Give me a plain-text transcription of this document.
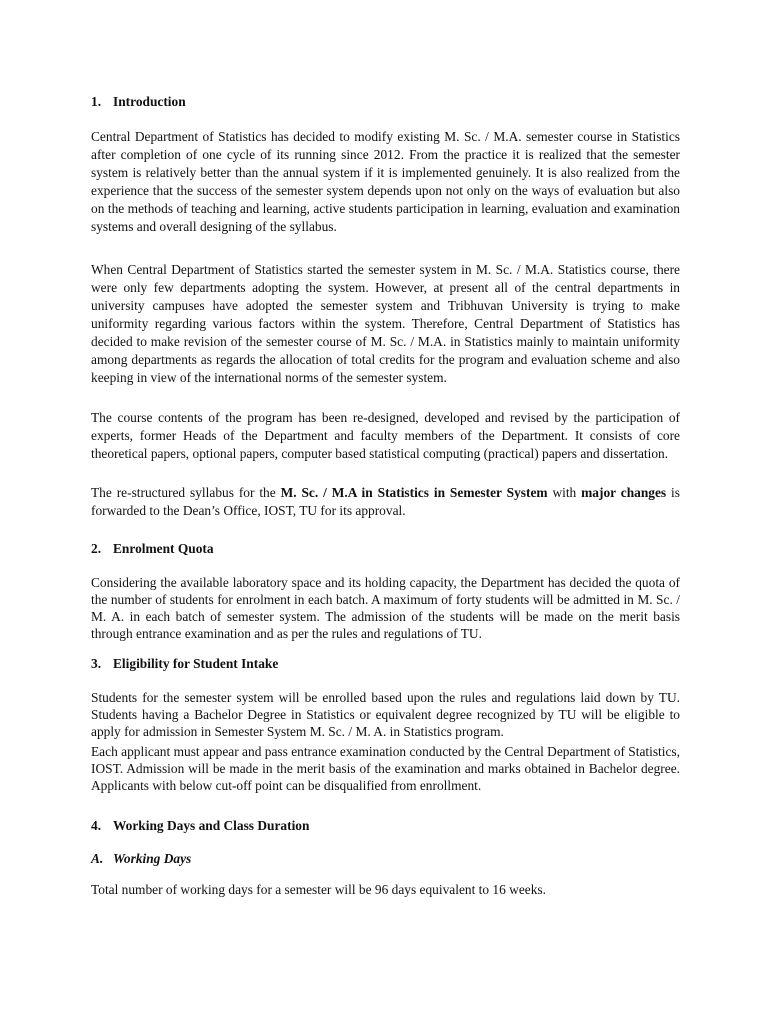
1. Introduction

Central Department of Statistics has decided to modify existing M. Sc. / M.A. semester course in Statistics after completion of one cycle of its running since 2012. From the practice it is realized that the semester system is relatively better than the annual system if it is implemented genuinely. It is also realized from the experience that the success of the semester system depends upon not only on the ways of evaluation but also on the methods of teaching and learning, active students participation in learning, evaluation and examination systems and overall designing of the syllabus.

When Central Department of Statistics started the semester system in M. Sc. / M.A. Statistics course, there were only few departments adopting the system. However, at present all of the central departments in university campuses have adopted the semester system and Tribhuvan University is trying to make uniformity regarding various factors within the system. Therefore, Central Department of Statistics has decided to make revision of the semester course of M. Sc. / M.A. in Statistics mainly to maintain uniformity among departments as regards the allocation of total credits for the program and evaluation scheme and also keeping in view of the international norms of the semester system.

The course contents of the program has been re-designed, developed and revised by the participation of experts, former Heads of the Department and faculty members of the Department. It consists of core theoretical papers, optional papers, computer based statistical computing (practical) papers and dissertation.

The re-structured syllabus for the M. Sc. / M.A in Statistics in Semester System with major changes is forwarded to the Dean’s Office, IOST, TU for its approval.

2. Enrolment Quota

Considering the available laboratory space and its holding capacity, the Department has decided the quota of the number of students for enrolment in each batch. A maximum of forty students will be admitted in M. Sc. / M. A. in each batch of semester system. The admission of the students will be made on the merit basis through entrance examination and as per the rules and regulations of TU.

3. Eligibility for Student Intake

Students for the semester system will be enrolled based upon the rules and regulations laid down by TU. Students having a Bachelor Degree in Statistics or equivalent degree recognized by TU will be eligible to apply for admission in Semester System M. Sc. / M. A. in Statistics program.

Each applicant must appear and pass entrance examination conducted by the Central Department of Statistics, IOST. Admission will be made in the merit basis of the examination and marks obtained in Bachelor degree. Applicants with below cut-off point can be disqualified from enrollment.

4. Working Days and Class Duration
A. Working Days

Total number of working days for a semester will be 96 days equivalent to 16 weeks.
